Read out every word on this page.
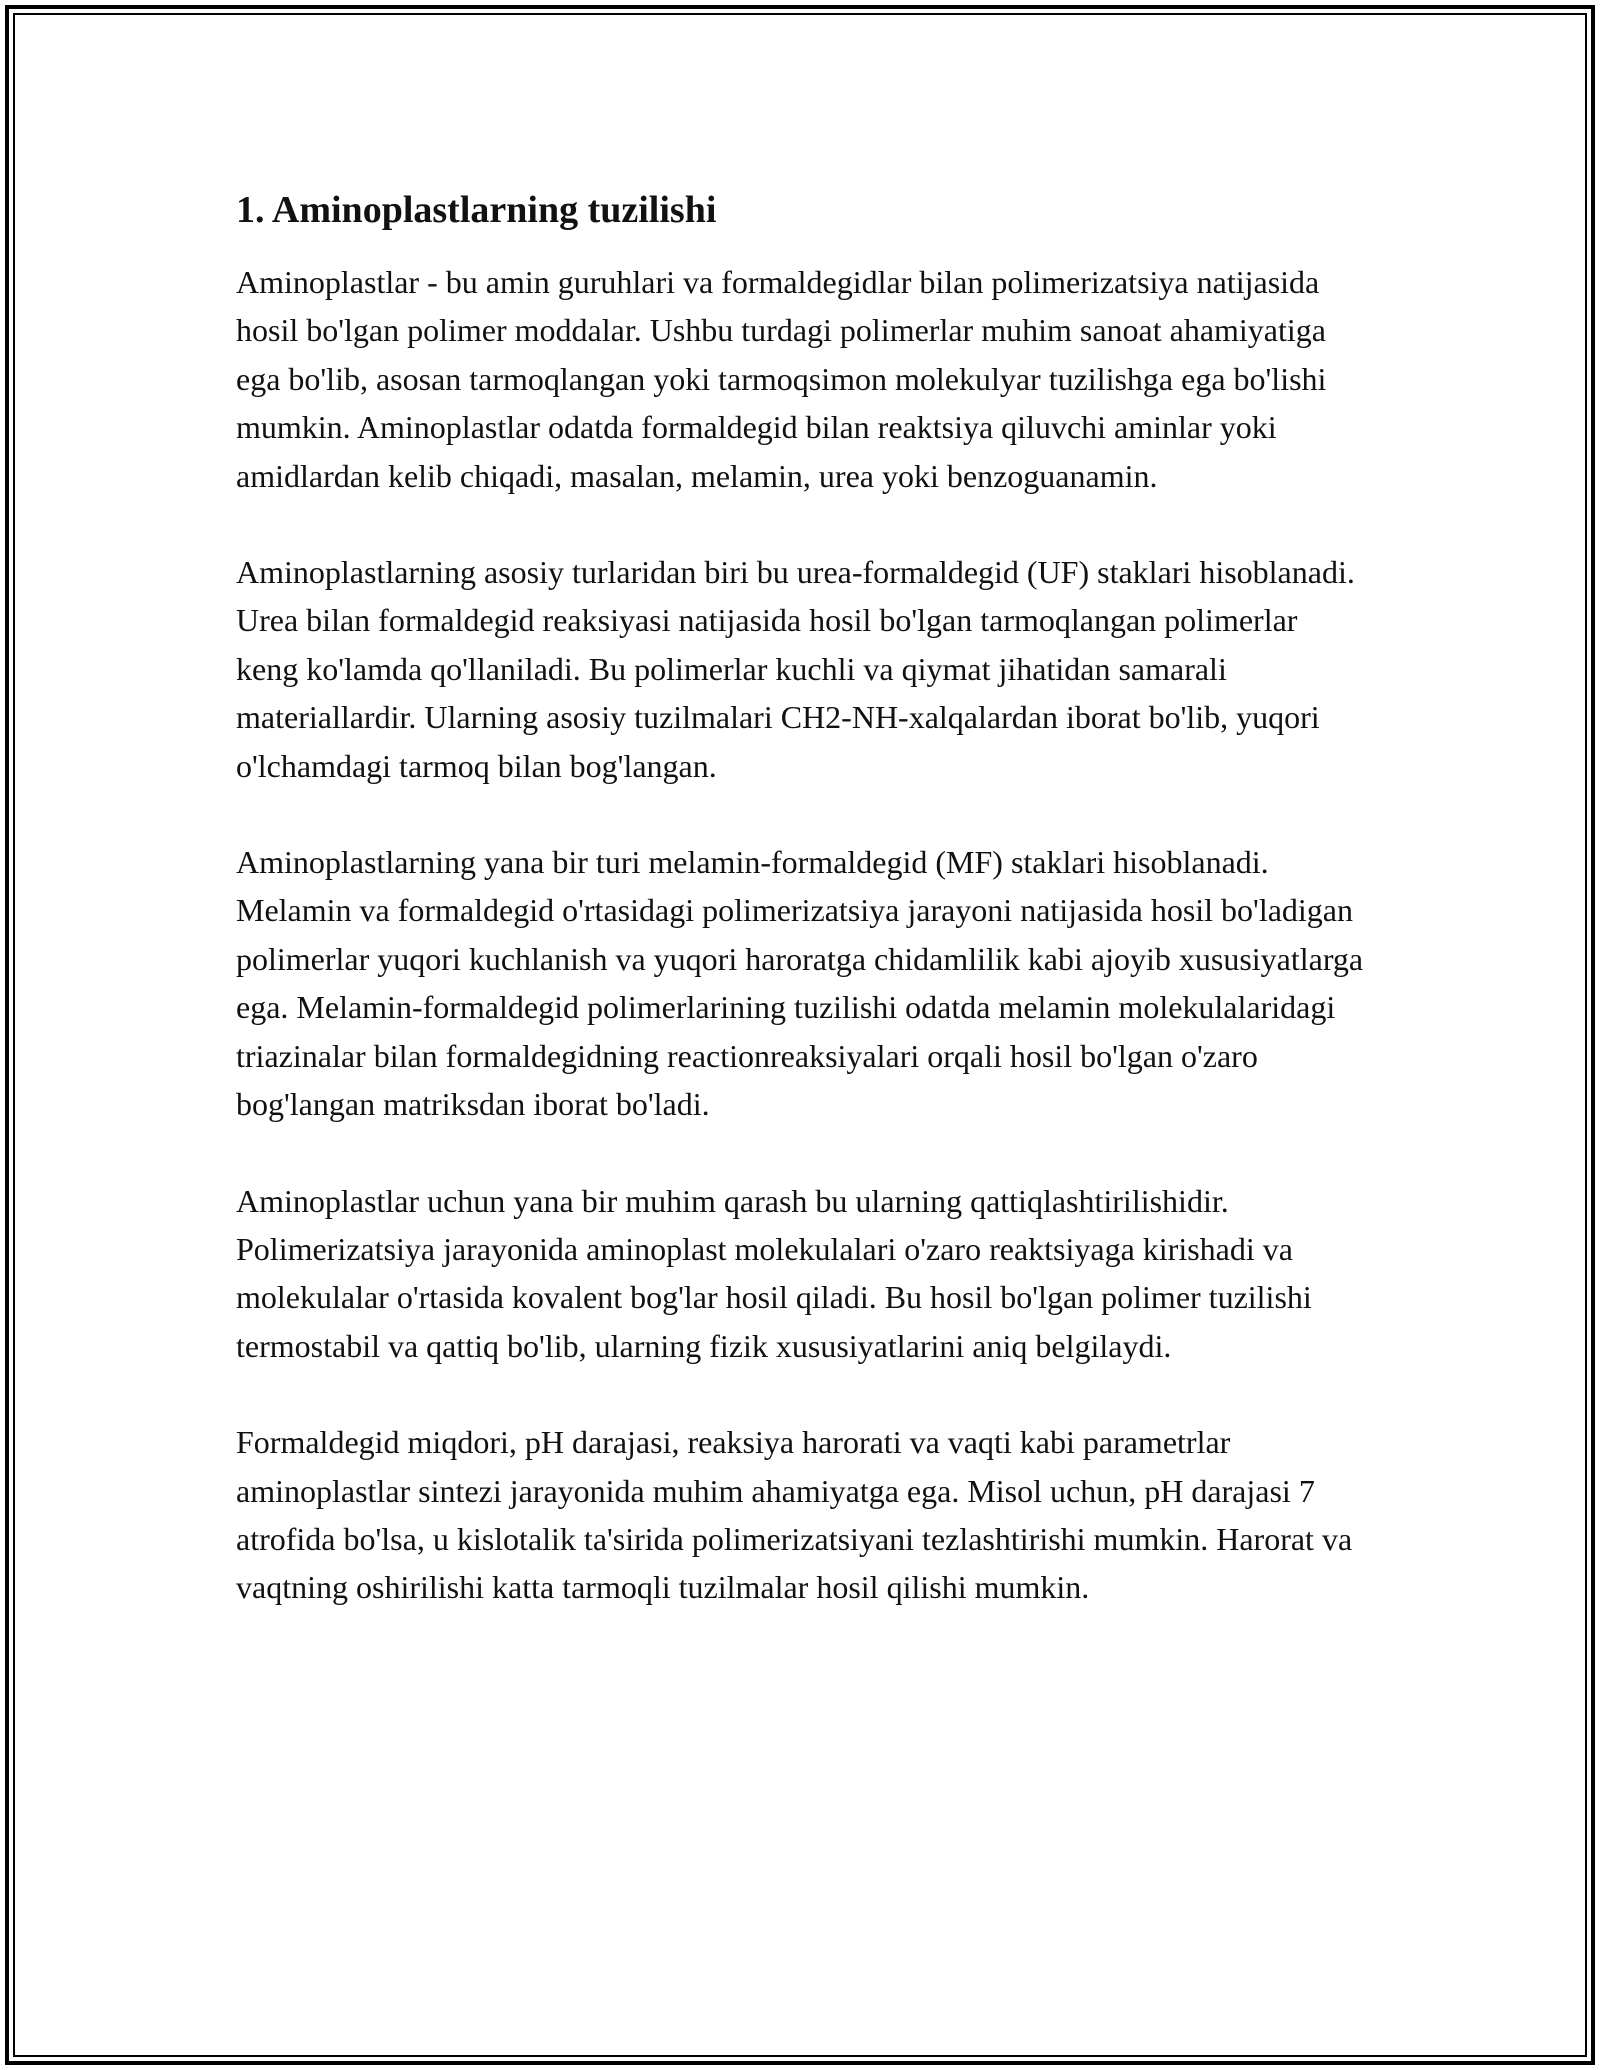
1. Aminoplastlarning tuzilishi

Aminoplastlar - bu amin guruhlari va formaldegidlar bilan polimerizatsiya natijasida hosil bo'lgan polimer moddalar. Ushbu turdagi polimerlar muhim sanoat ahamiyatiga ega bo'lib, asosan tarmoqlangan yoki tarmoqsimon molekulyar tuzilishga ega bo'lishi mumkin. Aminoplastlar odatda formaldegid bilan reaktsiya qiluvchi aminlar yoki amidlardan kelib chiqadi, masalan, melamin, urea yoki benzoguanamin.

Aminoplastlarning asosiy turlaridan biri bu urea-formaldegid (UF) staklari hisoblanadi. Urea bilan formaldegid reaksiyasi natijasida hosil bo'lgan tarmoqlangan polimerlar keng ko'lamda qo'llaniladi. Bu polimerlar kuchli va qiymat jihatidan samarali materiallardir. Ularning asosiy tuzilmalari CH2-NH-xalqalardan iborat bo'lib, yuqori o'lchamdagi tarmoq bilan bog'langan.

Aminoplastlarning yana bir turi melamin-formaldegid (MF) staklari hisoblanadi. Melamin va formaldegid o'rtasidagi polimerizatsiya jarayoni natijasida hosil bo'ladigan polimerlar yuqori kuchlanish va yuqori haroratga chidamlilik kabi ajoyib xususiyatlarga ega. Melamin-formaldegid polimerlarining tuzilishi odatda melamin molekulalaridagi triazinalar bilan formaldegidning reactionreaksiyalari orqali hosil bo'lgan o'zaro bog'langan matriksdan iborat bo'ladi.

Aminoplastlar uchun yana bir muhim qarash bu ularning qattiqlashtirilishidir. Polimerizatsiya jarayonida aminoplast molekulalari o'zaro reaktsiyaga kirishadi va molekulalar o'rtasida kovalent bog'lar hosil qiladi. Bu hosil bo'lgan polimer tuzilishi termostabil va qattiq bo'lib, ularning fizik xususiyatlarini aniq belgilaydi.

Formaldegid miqdori, pH darajasi, reaksiya harorati va vaqti kabi parametrlar aminoplastlar sintezi jarayonida muhim ahamiyatga ega. Misol uchun, pH darajasi 7 atrofida bo'lsa, u kislotalik ta'sirida polimerizatsiyani tezlashtirishi mumkin. Harorat va vaqtning oshirilishi katta tarmoqli tuzilmalar hosil qilishi mumkin.
